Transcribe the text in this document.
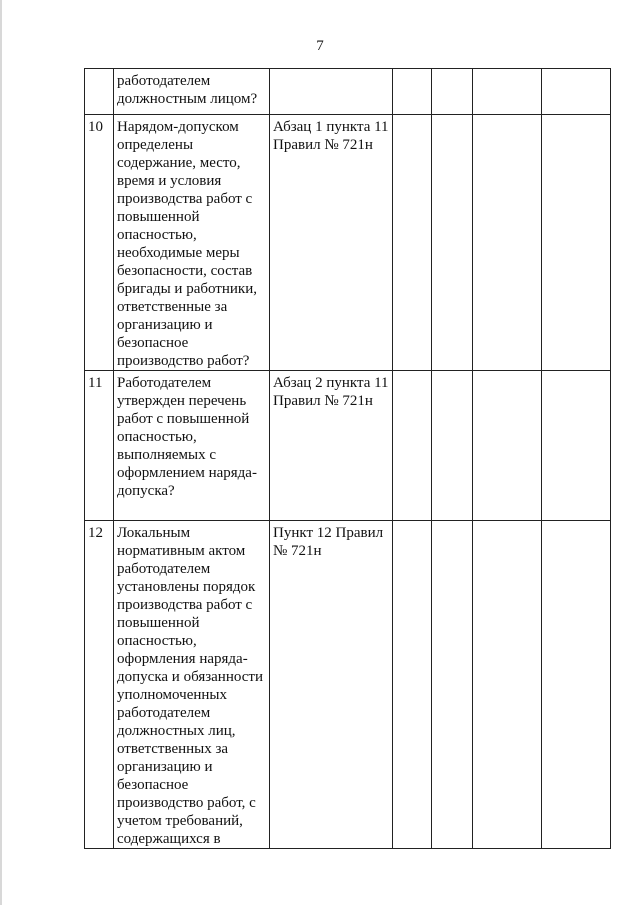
7

	работодателем должностным лицом?					

10	Нарядом-допуском определены содержание, место, время и условия производства работ с повышенной опасностью, необходимые меры безопасности, состав бригады и работники, ответственные за организацию и безопасное производство работ?	Абзац 1 пункта 11 Правил № 721н				

11	Работодателем утвержден перечень работ с повышенной опасностью, выполняемых с оформлением наряда-допуска?	Абзац 2 пункта 11 Правил № 721н				

12	Локальным нормативным актом работодателем установлены порядок производства работ с повышенной опасностью, оформления наряда-допуска и обязанности уполномоченных работодателем должностных лиц, ответственных за организацию и безопасное производство работ, с учетом требований, содержащихся в	Пункт 12 Правил № 721н				
